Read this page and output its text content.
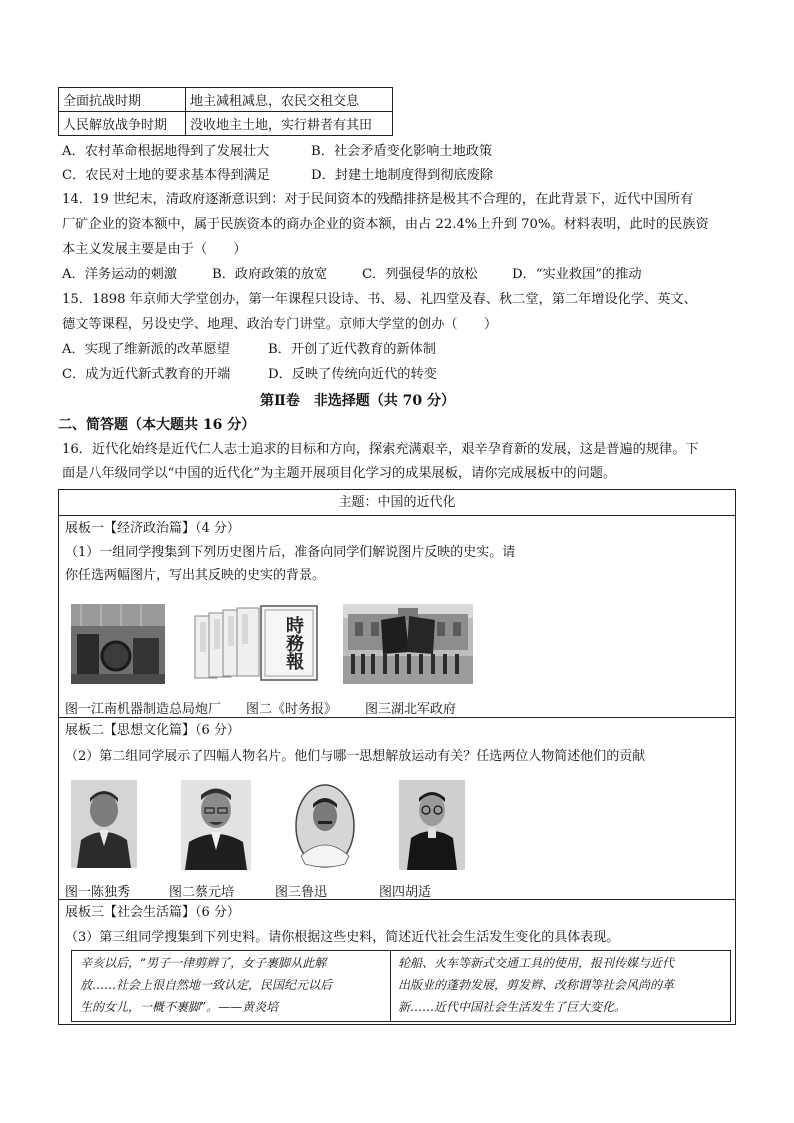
全面抗战时期	地主减租减息，农民交租交息
人民解放战争时期	没收地主土地，实行耕者有其田
A．农村革命根据地得到了发展壮大	B．社会矛盾变化影响土地政策
C．农民对土地的要求基本得到满足	D．封建土地制度得到彻底废除
14．19 世纪末，清政府逐渐意识到：对于民间资本的残酷排挤是极其不合理的，在此背景下，近代中国所有
厂矿企业的资本额中，属于民族资本的商办企业的资本额，由占 22.4%上升到 70%。材料表明，此时的民族资
本主义发展主要是由于（　　）
A．洋务运动的刺激	B．政府政策的放宽	C．列强侵华的放松	D．“实业救国”的推动
15．1898 年京师大学堂创办，第一年课程只设诗、书、易、礼四堂及春、秋二堂，第二年增设化学、英文、
德文等课程，另设史学、地理、政治专门讲堂。京师大学堂的创办（　　）
A．实现了维新派的改革愿望	B．开创了近代教育的新体制
C．成为近代新式教育的开端	D．反映了传统向近代的转变
第Ⅱ卷　非选择题（共 70 分）
二、简答题（本大题共 16 分）
16．近代化始终是近代仁人志士追求的目标和方向，探索充满艰辛，艰辛孕育新的发展，这是普遍的规律。下
面是八年级同学以“中国的近代化”为主题开展项目化学习的成果展板，请你完成展板中的问题。
主题：中国的近代化
展板一【经济政治篇】（4 分）
（1）一组同学搜集到下列历史图片后，准备向同学们解说图片反映的史实。请
你任选两幅图片，写出其反映的史实的背景。
時務報
图一江南机器制造总局炮厂 图二《时务报》 图三湖北军政府
展板二【思想文化篇】（6 分）
（2）第二组同学展示了四幅人物名片。他们与哪一思想解放运动有关？任选两位人物简述他们的贡献
图一陈独秀	图二蔡元培	图三鲁迅	图四胡适
展板三【社会生活篇】（6 分）
（3）第三组同学搜集到下列史料。请你根据这些史料，简述近代社会生活发生变化的具体表现。
辛亥以后，“男子一律剪辫了，女子裹脚从此解
放……社会上很自然地一致认定，民国纪元以后
生的女儿，一概不裹脚”。——黄炎培
轮船、火车等新式交通工具的使用，报刊传媒与近代
出版业的蓬勃发展，剪发辫、改称谓等社会风尚的革
新……近代中国社会生活发生了巨大变化。
